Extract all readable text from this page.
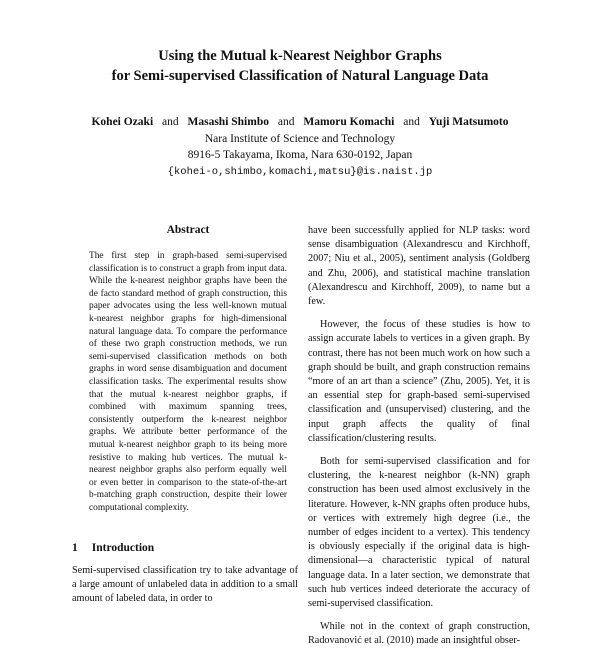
Using the Mutual k-Nearest Neighbor Graphs
for Semi-supervised Classification of Natural Language Data
Kohei Ozaki and Masashi Shimbo and Mamoru Komachi and Yuji Matsumoto
Nara Institute of Science and Technology
8916-5 Takayama, Ikoma, Nara 630-0192, Japan
{kohei-o,shimbo,komachi,matsu}@is.naist.jp
Abstract

The first step in graph-based semi-supervised classification is to construct a graph from input data. While the k-nearest neighbor graphs have been the de facto standard method of graph construction, this paper advocates using the less well-known mutual k-nearest neighbor graphs for high-dimensional natural language data. To compare the performance of these two graph construction methods, we run semi-supervised classification methods on both graphs in word sense disambiguation and document classification tasks. The experimental results show that the mutual k-nearest neighbor graphs, if combined with maximum spanning trees, consistently outperform the k-nearest neighbor graphs. We attribute better performance of the mutual k-nearest neighbor graph to its being more resistive to making hub vertices. The mutual k-nearest neighbor graphs also perform equally well or even better in comparison to the state-of-the-art b-matching graph construction, despite their lower computational complexity.

1 Introduction

Semi-supervised classification try to take advantage of a large amount of unlabeled data in addition to a small amount of labeled data, in order to

have been successfully applied for NLP tasks: word sense disambiguation (Alexandrescu and Kirchhoff, 2007; Niu et al., 2005), sentiment analysis (Goldberg and Zhu, 2006), and statistical machine translation (Alexandrescu and Kirchhoff, 2009), to name but a few.

However, the focus of these studies is how to assign accurate labels to vertices in a given graph. By contrast, there has not been much work on how such a graph should be built, and graph construction remains “more of an art than a science” (Zhu, 2005). Yet, it is an essential step for graph-based semi-supervised classification and (unsupervised) clustering, and the input graph affects the quality of final classification/clustering results.

Both for semi-supervised classification and for clustering, the k-nearest neighbor (k-NN) graph construction has been used almost exclusively in the literature. However, k-NN graphs often produce hubs, or vertices with extremely high degree (i.e., the number of edges incident to a vertex). This tendency is obviously especially if the original data is high-dimensional—a characteristic typical of natural language data. In a later section, we demonstrate that such hub vertices indeed deteriorate the accuracy of semi-supervised classification.

While not in the context of graph construction, Radovanović et al. (2010) made an insightful obser-
